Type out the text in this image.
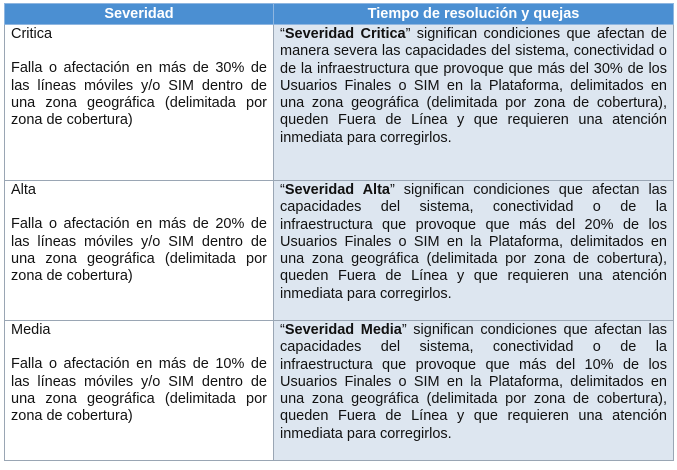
Severidad	Tiempo de resolución y quejas

Critica
Falla o afectación en más de 30% de las líneas móviles y/o SIM dentro de una zona geográfica (delimitada por zona de cobertura)	“Severidad Critica” significan condiciones que afectan de manera severa las capacidades del sistema, conectividad o de la infraestructura que provoque que más del 30% de los Usuarios Finales o SIM en la Plataforma, delimitados en una zona geográfica (delimitada por zona de cobertura), queden Fuera de Línea y que requieren una atención inmediata para corregirlos.

Alta
Falla o afectación en más de 20% de las líneas móviles y/o SIM dentro de una zona geográfica (delimitada por zona de cobertura)	“Severidad Alta” significan condiciones que afectan las capacidades del sistema, conectividad o de la infraestructura que provoque que más del 20% de los Usuarios Finales o SIM en la Plataforma, delimitados en una zona geográfica (delimitada por zona de cobertura), queden Fuera de Línea y que requieren una atención inmediata para corregirlos.

Media
Falla o afectación en más de 10% de las líneas móviles y/o SIM dentro de una zona geográfica (delimitada por zona de cobertura)	“Severidad Media” significan condiciones que afectan las capacidades del sistema, conectividad o de la infraestructura que provoque que más del 10% de los Usuarios Finales o SIM en la Plataforma, delimitados en una zona geográfica (delimitada por zona de cobertura), queden Fuera de Línea y que requieren una atención inmediata para corregirlos.
